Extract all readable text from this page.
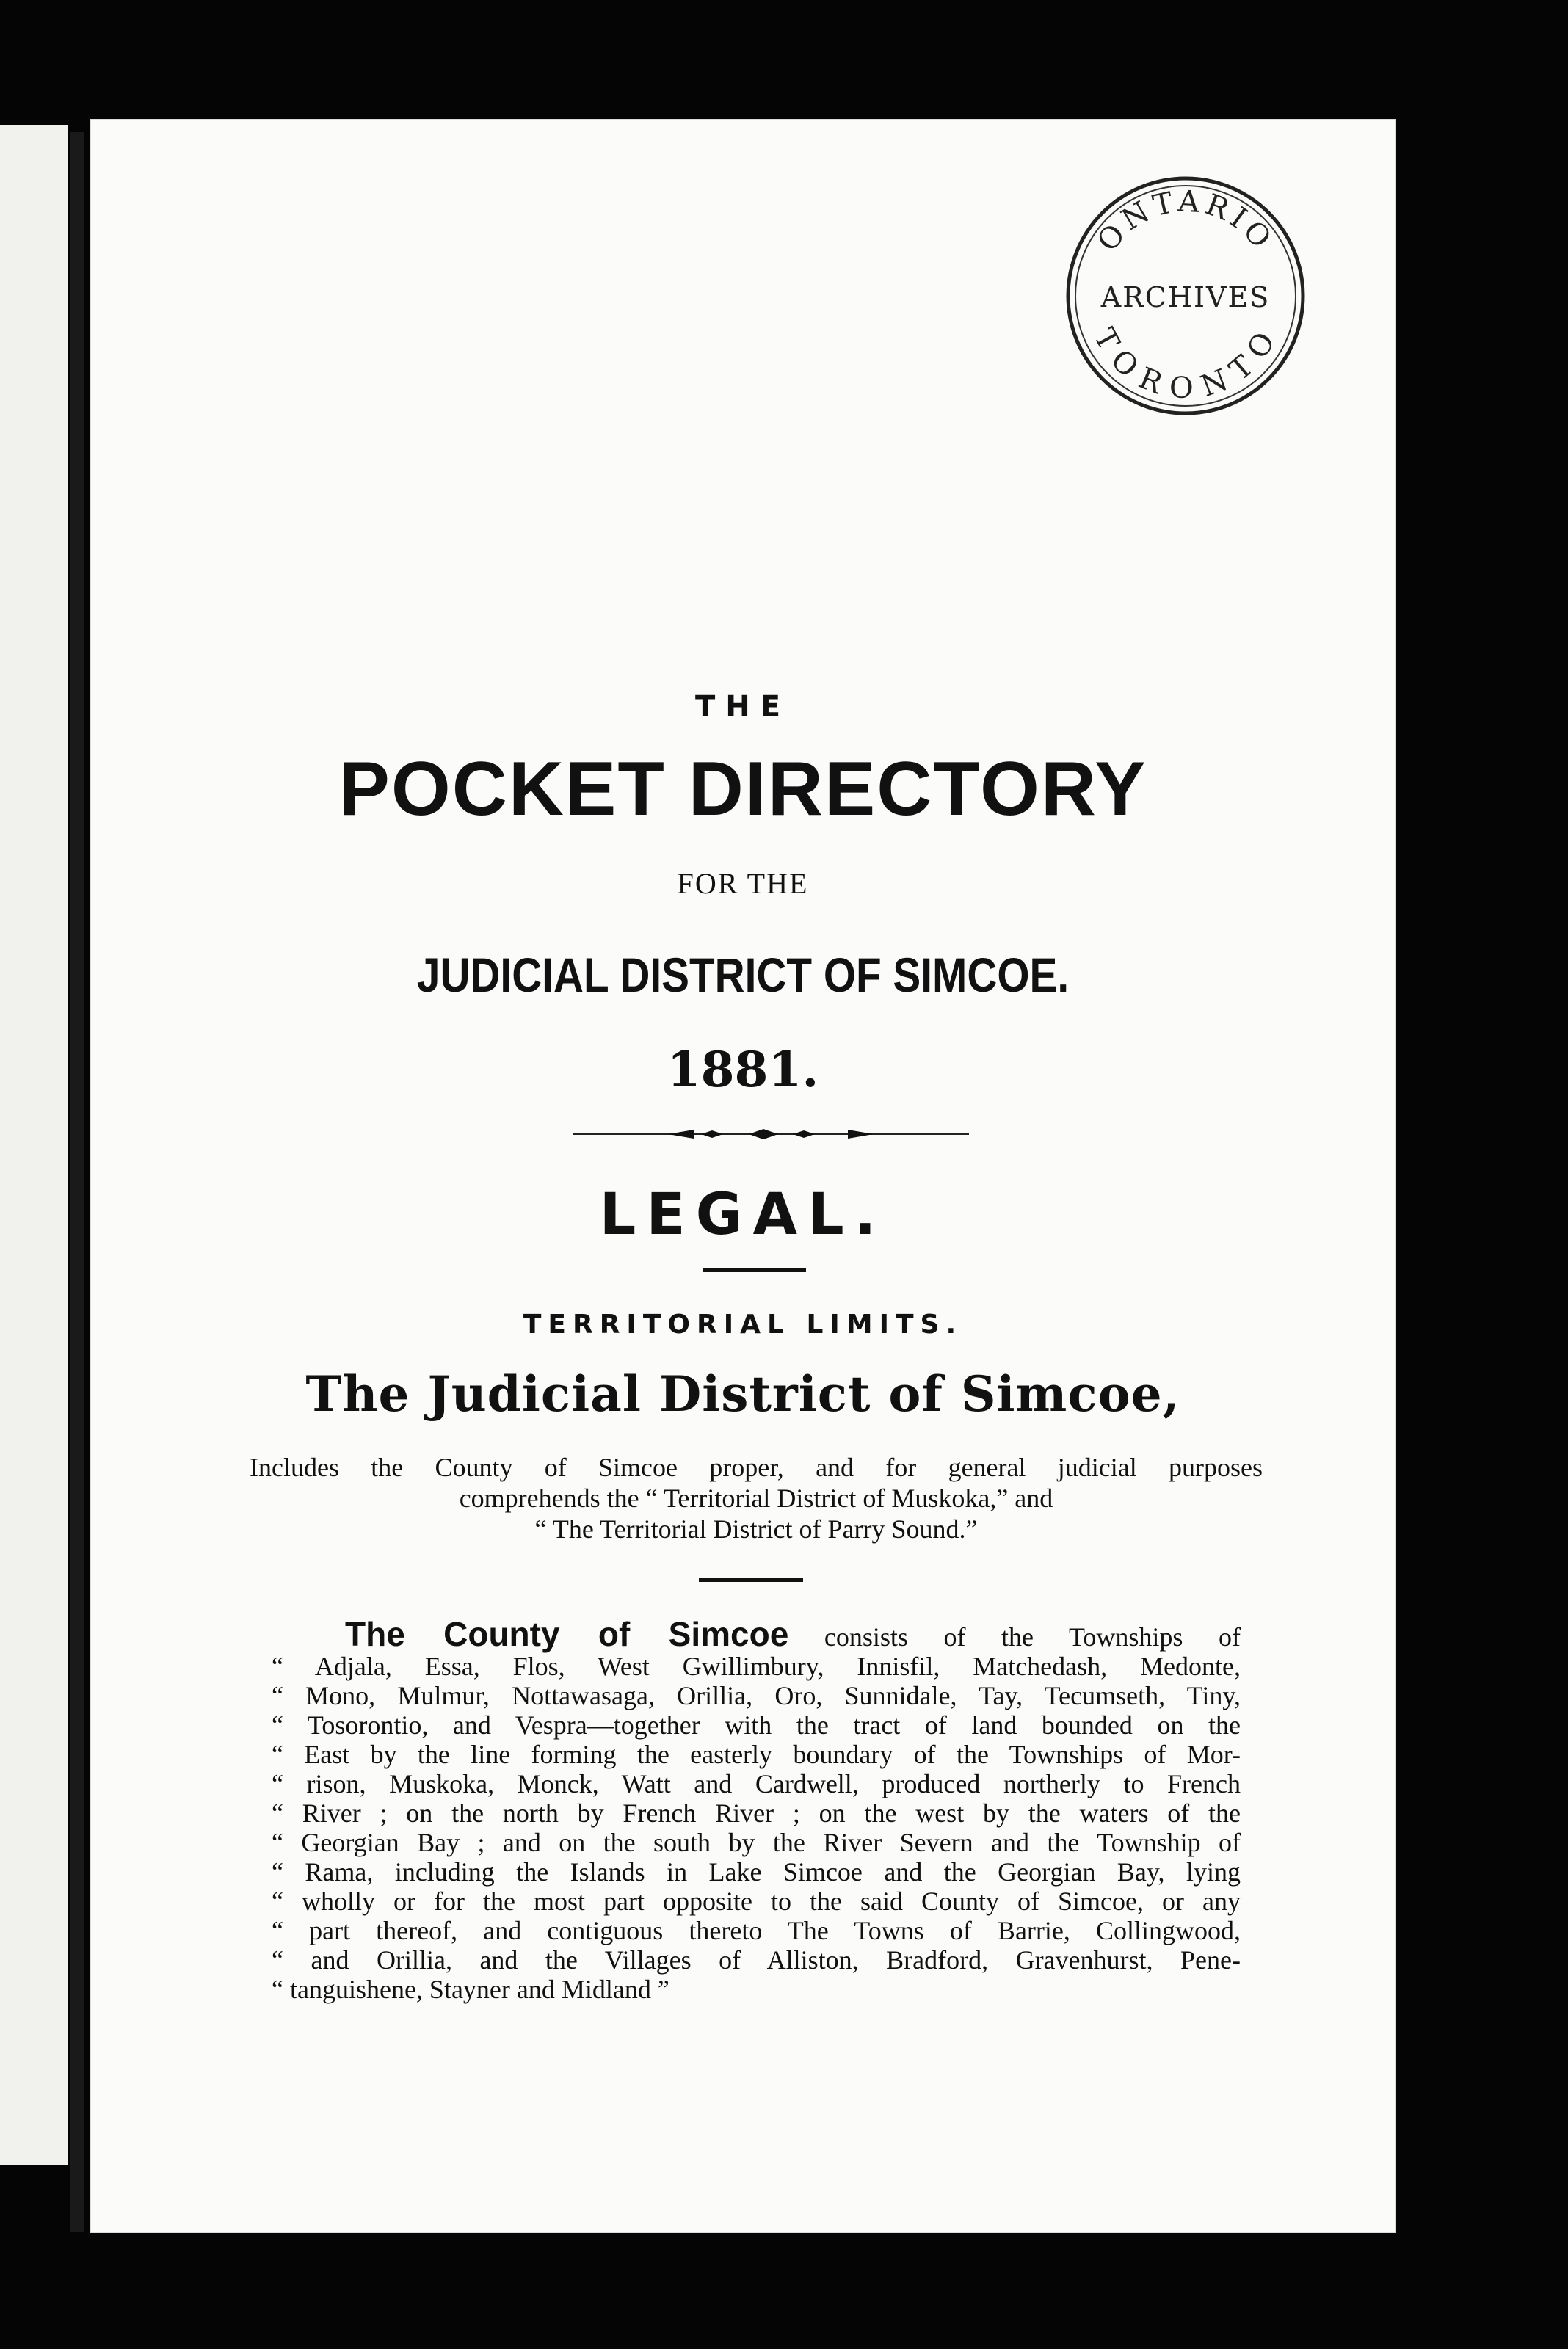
ONTARIO
ARCHIVES
TORONTO
THE
POCKET DIRECTORY
FOR THE
JUDICIAL DISTRICT OF SIMCOE.
1881.
LEGAL.
TERRITORIAL LIMITS.
The Judicial District of Simcoe,
Includes the County of Simcoe proper, and for general judicial purposes
comprehends the “ Territorial District of Muskoka,” and
“ The Territorial District of Parry Sound.”
The County of Simcoe consists of the Townships of
“ Adjala, Essa, Flos, West Gwillimbury, Innisfil, Matchedash, Medonte,
“ Mono, Mulmur, Nottawasaga, Orillia, Oro, Sunnidale, Tay, Tecumseth, Tiny,
“ Tosorontio, and Vespra—together with the tract of land bounded on the
“ East by the line forming the easterly boundary of the Townships of Mor-
“ rison, Muskoka, Monck, Watt and Cardwell, produced northerly to French
“ River ; on the north by French River ; on the west by the waters of the
“ Georgian Bay ; and on the south by the River Severn and the Township of
“ Rama, including the Islands in Lake Simcoe and the Georgian Bay, lying
“ wholly or for the most part opposite to the said County of Simcoe, or any
“ part thereof, and contiguous thereto The Towns of Barrie, Collingwood,
“ and Orillia, and the Villages of Alliston, Bradford, Gravenhurst, Pene-
“ tanguishene, Stayner and Midland ”
